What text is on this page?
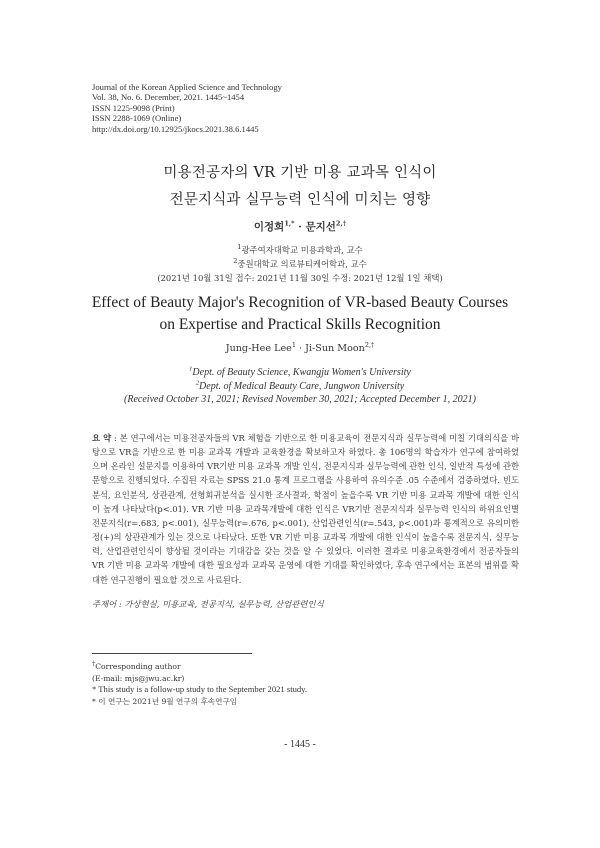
Journal of the Korean Applied Science and Technology
Vol. 38, No. 6. December, 2021. 1445~1454
ISSN 1225-9098 (Print)
ISSN 2288-1069 (Online)
http://dx.doi.org/10.12925/jkocs.2021.38.6.1445
미용전공자의 VR 기반 미용 교과목 인식이
전문지식과 실무능력 인식에 미치는 영향
이정희$^{1,*}$ · 문지선$^{2,\dagger}$
$^1$광주여자대학교 미용과학과, 교수
$^2$중원대학교 의료뷰티케어학과, 교수
(2021년 10월 31일 접수: 2021년 11월 30일 수정: 2021년 12월 1일 채택)
Effect of Beauty Major's Recognition of VR-based Beauty Courses
on Expertise and Practical Skills Recognition
Jung-Hee Lee$^1$ · Ji-Sun Moon$^{2,\dagger}$
$^1$Dept. of Beauty Science, Kwangju Women's University
$^2$Dept. of Medical Beauty Care, Jungwon University
(Received October 31, 2021; Revised November 30, 2021; Accepted December 1, 2021)
요 약 : 본 연구에서는 미용전공자들의 VR 체험을 기반으로 한 미용교육이 전문지식과 실무능력에 미칠 기대의식을 바탕으로 VR을 기반으로 한 미용 교과목 개발과 교육환경을 확보하고자 하였다. 총 106명의 학습자가 연구에 참여하였으며 온라인 설문지를 이용하여 VR기반 미용 교과목 개발 인식, 전문지식과 실무능력에 관한 인식, 일반적 특성에 관한 문항으로 진행되었다. 수집된 자료는 SPSS 21.0 통계 프로그램을 사용하여 유의수준 .05 수준에서 검증하였다. 빈도분석, 요인분석, 상관관계, 선형회귀분석을 실시한 조사결과, 학점이 높을수록 VR 기반 미용 교과목 개발에 대한 인식이 높게 나타났다(p<.01). VR 기반 미용 교과목개발에 대한 인식은 VR기반 전문지식과 실무능력 인식의 하위요인별 전문지식(r=.683, p<.001), 실무능력(r=.676, p<.001), 산업관련인식(r=.543, p<.001)과 통계적으로 유의미한 정(+)의 상관관계가 있는 것으로 나타났다. 또한 VR 기반 미용 교과목 개발에 대한 인식이 높을수록 전문지식, 실무능력, 산업관련인식이 향상될 것이라는 기대감을 갖는 것을 알 수 있었다. 이러한 결과로 미용교육환경에서 전공자들의 VR 기반 미용 교과목 개발에 대한 필요성과 교과목 운영에 대한 기대를 확인하였다, 후속 연구에서는 표본의 범위를 확대한 연구진행이 필요할 것으로 사료된다.
주제어 : 가상현실, 미용교육, 전공지식, 실무능력, 산업관련인식
†Corresponding author
(E-mail: mjs@jwu.ac.kr)
* This study is a follow-up study to the September 2021 study.
* 이 연구는 2021년 9월 연구의 후속연구임
- 1445 -
